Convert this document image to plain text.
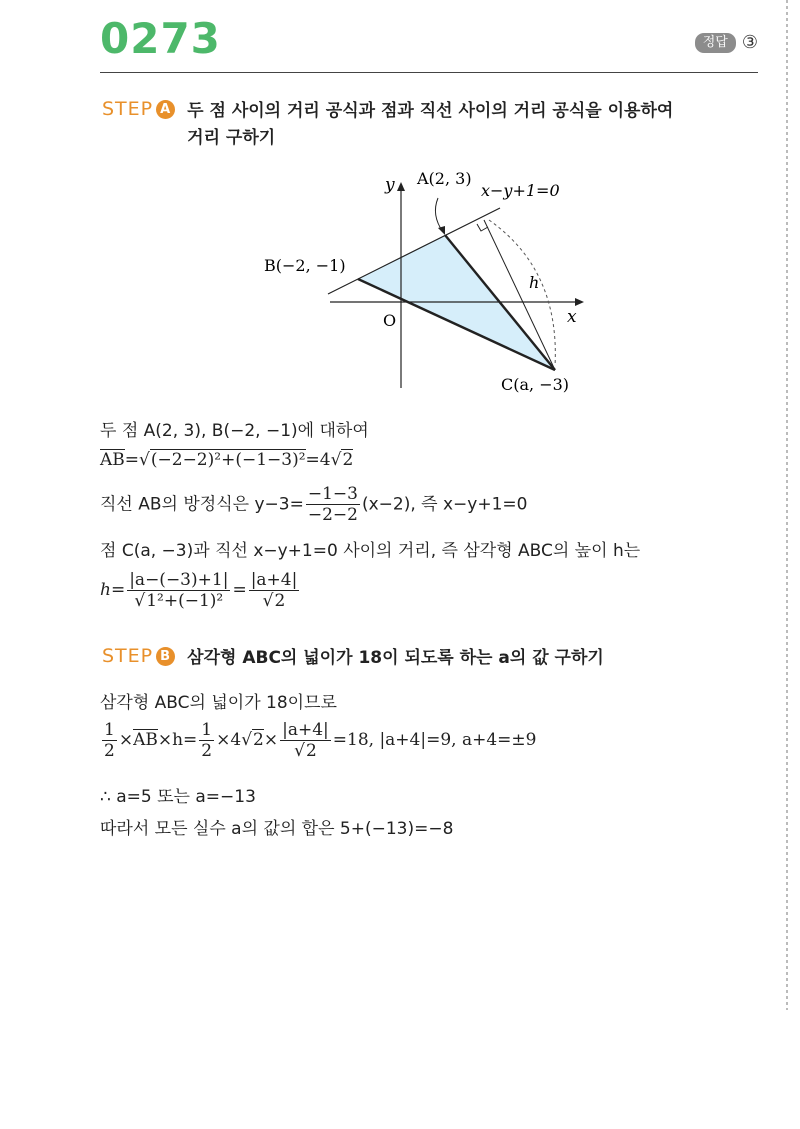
0273	정답 ③
STEP A 두 점 사이의 거리 공식과 점과 직선 사이의 거리 공식을 이용하여
거리 구하기
y A(2, 3)
x−y+1=0
B(−2, −1)
h
O	x
C(a, −3)
두 점 A(2, 3), B(−2, −1)에 대하여
AB=√(−2−2)²+(−1−3)²=4√2
직선 AB의 방정식은 $y-3= \frac{-1-3}{-2-2} (x-2)$, 즉 x−y+1=0
점 C(a, −3)과 직선 x−y+1=0 사이의 거리, 즉 삼각형 ABC의 높이 h는
$h= \frac{|a-(-3)+1|}{\text{√1²+(−1)²}} = \frac{|a+4|}{√2}$
STEP B 삼각형 ABC의 넓이가 18이 되도록 하는 a의 값 구하기
삼각형 ABC의 넓이가 18이므로
$\frac{1}{2} \times AB\times h= \frac{1}{2} \times 4√2\times \frac{|a+4|}{√2} =18$, |a+4|=9, a+4=±9
∴ a=5 또는 a=−13
따라서 모든 실수 a의 값의 합은 5+(−13)=−8
